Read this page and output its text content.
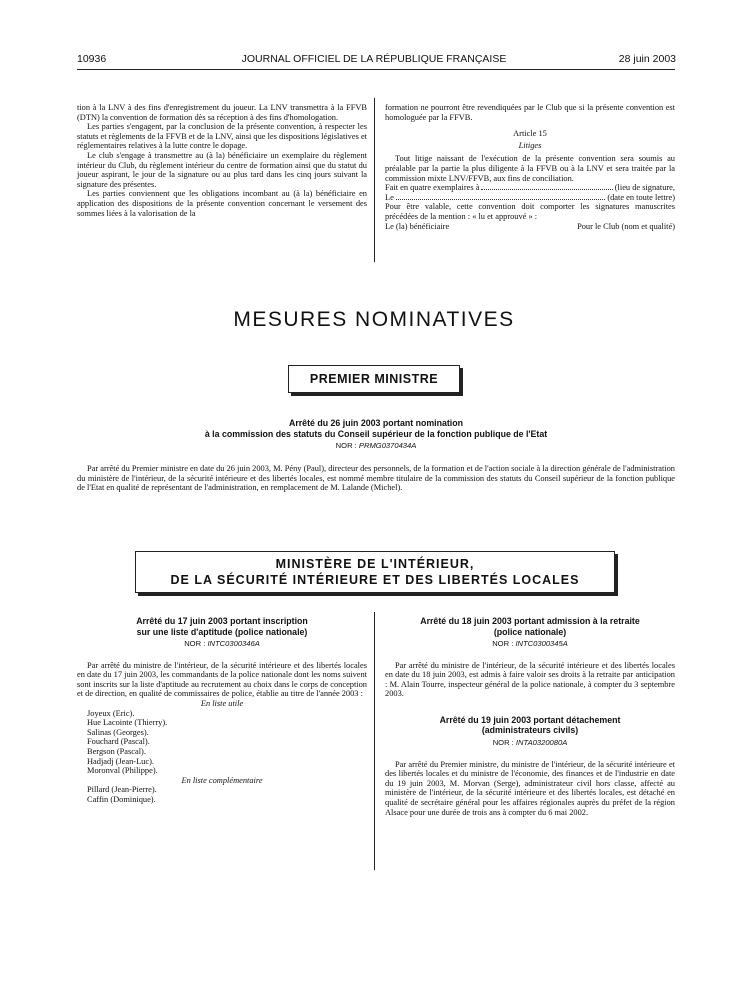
10936	JOURNAL OFFICIEL DE LA RÉPUBLIQUE FRANÇAISE	28 juin 2003

tion à la LNV à des fins d'enregistrement du joueur. La LNV transmettra à la FFVB (DTN) la convention de formation dès sa réception à des fins d'homologation.

Les parties s'engagent, par la conclusion de la présente convention, à respecter les statuts et règlements de la FFVB et de la LNV, ainsi que les dispositions législatives et réglementaires relatives à la lutte contre le dopage.

Le club s'engage à transmettre au (à la) bénéficiaire un exemplaire du règlement intérieur du Club, du règlement intérieur du centre de formation ainsi que du statut du joueur aspirant, le jour de la signature ou au plus tard dans les cinq jours suivant la signature des présentes.

Les parties conviennent que les obligations incombant au (à la) bénéficiaire en application des dispositions de la présente convention concernant le versement des sommes liées à la valorisation de la

formation ne pourront être revendiquées par le Club que si la présente convention est homologuée par la FFVB.

Article 15

Litiges

Tout litige naissant de l'exécution de la présente convention sera soumis au préalable par la partie la plus diligente à la FFVB ou à la LNV et sera traitée par la commission mixte LNV/FFVB, aux fins de conciliation.

Fait en quatre exemplaires à	(lieu de signature,
Le	(date en toute lettre)

Pour être valable, cette convention doit comporter les signatures manuscrites précédées de la mention : « lu et approuvé » :

Le (la) bénéficiaire	Pour le Club (nom et qualité)
MESURES NOMINATIVES
PREMIER MINISTRE
Arrêté du 26 juin 2003 portant nomination
à la commission des statuts du Conseil supérieur de la fonction publique de l'Etat
NOR : PRMG0370434A

Par arrêté du Premier ministre en date du 26 juin 2003, M. Pény (Paul), directeur des personnels, de la formation et de l'action sociale à la direction générale de l'administration du ministère de l'intérieur, de la sécurité intérieure et des libertés locales, est nommé membre titulaire de la commission des statuts du Conseil supérieur de la fonction publique de l'Etat en qualité de représentant de l'administration, en remplacement de M. Lalande (Michel).

MINISTÈRE DE L'INTÉRIEUR,
DE LA SÉCURITÉ INTÉRIEURE ET DES LIBERTÉS LOCALES
Arrêté du 17 juin 2003 portant inscription
sur une liste d'aptitude (police nationale)
NOR : INTC0300346A

Par arrêté du ministre de l'intérieur, de la sécurité intérieure et des libertés locales en date du 17 juin 2003, les commandants de la police nationale dont les noms suivent sont inscrits sur la liste d'aptitude au recrutement au choix dans le corps de conception et de direction, en qualité de commissaires de police, établie au titre de l'année 2003 :

En liste utile

Joyeux (Eric).
Hue Lacointe (Thierry).
Salinas (Georges).
Fouchard (Pascal).
Bergson (Pascal).
Hadjadj (Jean-Luc).
Moronval (Philippe).

En liste complémentaire

Pillard (Jean-Pierre).
Caffin (Dominique).
Arrêté du 18 juin 2003 portant admission à la retraite
(police nationale)
NOR : INTC0300345A

Par arrêté du ministre de l'intérieur, de la sécurité intérieure et des libertés locales en date du 18 juin 2003, est admis à faire valoir ses droits à la retraite par anticipation : M. Alain Tourre, inspecteur général de la police nationale, à compter du 3 septembre 2003.

Arrêté du 19 juin 2003 portant détachement
(administrateurs civils)
NOR : INTA0320080A

Par arrêté du Premier ministre, du ministre de l'intérieur, de la sécurité intérieure et des libertés locales et du ministre de l'économie, des finances et de l'industrie en date du 19 juin 2003, M. Morvan (Serge), administrateur civil hors classe, affecté au ministère de l'intérieur, de la sécurité intérieure et des libertés locales, est détaché en qualité de secrétaire général pour les affaires régionales auprès du préfet de la région Alsace pour une durée de trois ans à compter du 6 mai 2002.
